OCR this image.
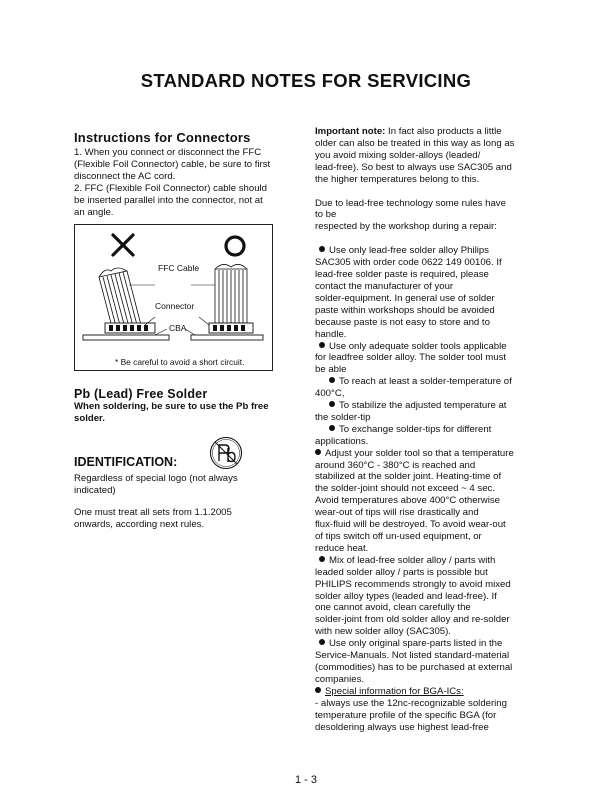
STANDARD NOTES FOR SERVICING
Instructions for Connectors
1. When you connect or disconnect the FFC
(Flexible Foil Connector) cable, be sure to first
disconnect the AC cord.
2. FFC (Flexible Foil Connector) cable should
be inserted parallel into the connector, not at
an angle.
FFC Cable
Connector
CBA
* Be careful to avoid a short circuit.
Pb (Lead) Free Solder
When soldering, be sure to use the Pb free
solder.
IDENTIFICATION:
Regardless of special logo (not always
indicated)
One must treat all sets from 1.1.2005
onwards, according next rules.
Important note: In fact also products a little
older can also be treated in this way as long as
you avoid mixing solder-alloys (leaded/
lead-free). So best to always use SAC305 and
the higher temperatures belong to this.
Due to lead-free technology some rules have
to be
respected by the workshop during a repair:
Use only lead-free solder alloy Philips
SAC305 with order code 0622 149 00106. If
lead-free solder paste is required, please
contact the manufacturer of your
solder-equipment. In general use of solder
paste within workshops should be avoided
because paste is not easy to store and to
handle.
Use only adequate solder tools applicable
for leadfree solder alloy. The solder tool must
be able
To reach at least a solder-temperature of
400°C,
To stabilize the adjusted temperature at
the solder-tip
To exchange solder-tips for different
applications.
Adjust your solder tool so that a temperature
around 360°C - 380°C is reached and
stabilized at the solder joint. Heating-time of
the solder-joint should not exceed ~ 4 sec.
Avoid temperatures above 400°C otherwise
wear-out of tips will rise drastically and
flux-fluid will be destroyed. To avoid wear-out
of tips switch off un-used equipment, or
reduce heat.
Mix of lead-free solder alloy / parts with
leaded solder alloy / parts is possible but
PHILIPS recommends strongly to avoid mixed
solder alloy types (leaded and lead-free). If
one cannot avoid, clean carefully the
solder-joint from old solder alloy and re-solder
with new solder alloy (SAC305).
Use only original spare-parts listed in the
Service-Manuals. Not listed standard-material
(commodities) has to be purchased at external
companies.
Special information for BGA-ICs:
- always use the 12nc-recognizable soldering
temperature profile of the specific BGA (for
desoldering always use highest lead-free
1 - 3
